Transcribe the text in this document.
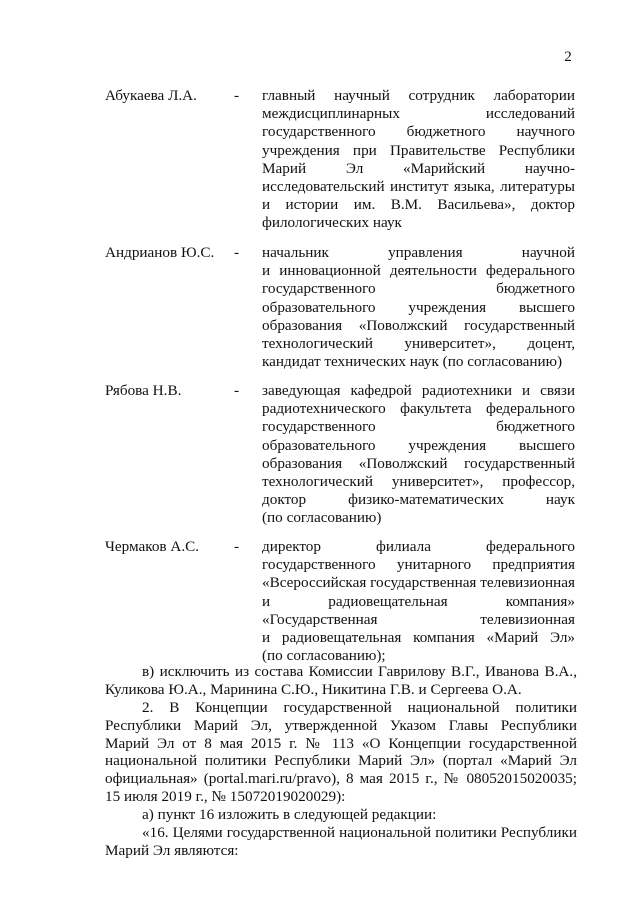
2
Абукаева Л.А. - главный научный сотрудник лаборатории
междисциплинарных исследований
государственного бюджетного научного
учреждения при Правительстве Республики
Марий Эл «Марийский научно-
исследовательский институт языка, литературы
и истории им. В.М. Васильева», доктор
филологических наук
Андрианов Ю.С. - начальник управления научной
и инновационной деятельности федерального
государственного бюджетного
образовательного учреждения высшего
образования «Поволжский государственный
технологический университет», доцент,
кандидат технических наук (по согласованию)
Рябова Н.В.	- заведующая кафедрой радиотехники и связи
радиотехнического факультета федерального
государственного бюджетного
образовательного учреждения высшего
образования «Поволжский государственный
технологический университет», профессор,
доктор физико-математических наук
(по согласованию)
Чермаков А.С. - директор филиала федерального
государственного унитарного предприятия
«Всероссийская государственная телевизионная
и радиовещательная компания»
«Государственная телевизионная
и радиовещательная компания «Марий Эл»
(по согласованию);
в) исключить из состава Комиссии Гаврилову В.Г., Иванова В.А.,
Куликова Ю.А., Маринина С.Ю., Никитина Г.В. и Сергеева О.А.
2. В Концепции государственной национальной политики
Республики Марий Эл, утвержденной Указом Главы Республики
Марий Эл от 8 мая 2015 г. № 113 «О Концепции государственной
национальной политики Республики Марий Эл» (портал «Марий Эл
официальная» (portal.mari.ru/pravo), 8 мая 2015 г., № 08052015020035;
15 июля 2019 г., № 15072019020029):
а) пункт 16 изложить в следующей редакции:
«16. Целями государственной национальной политики Республики
Марий Эл являются:
